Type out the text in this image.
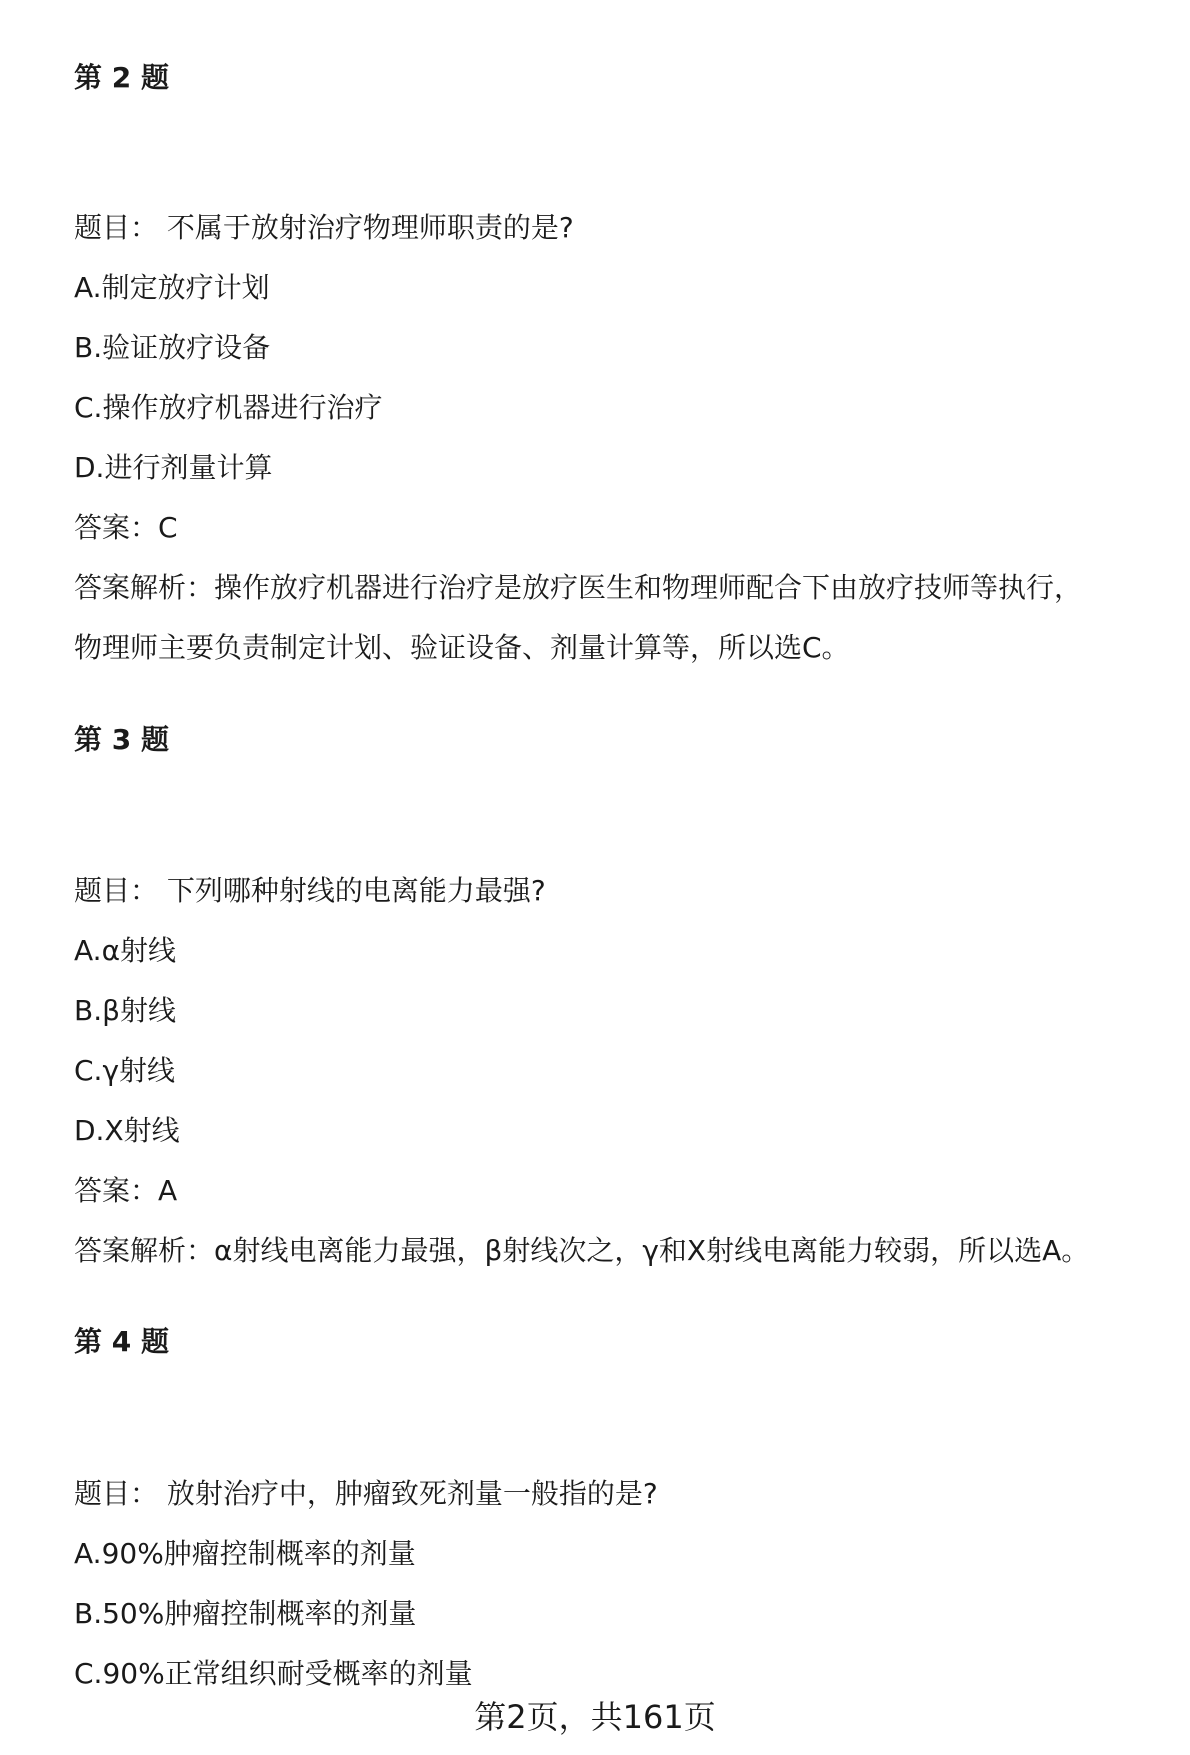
第 2 题
题目： 不属于放射治疗物理师职责的是?
A.制定放疗计划
B.验证放疗设备
C.操作放疗机器进行治疗
D.进行剂量计算
答案：C
答案解析：操作放疗机器进行治疗是放疗医生和物理师配合下由放疗技师等执行，
物理师主要负责制定计划、验证设备、剂量计算等，所以选C。
第 3 题
题目： 下列哪种射线的电离能力最强?
A.α射线
B.β射线
C.γ射线
D.X射线
答案：A
答案解析：α射线电离能力最强，β射线次之，γ和X射线电离能力较弱，所以选A。
第 4 题
题目： 放射治疗中，肿瘤致死剂量一般指的是?
A.90%肿瘤控制概率的剂量
B.50%肿瘤控制概率的剂量
C.90%正常组织耐受概率的剂量
第2页，共161页
